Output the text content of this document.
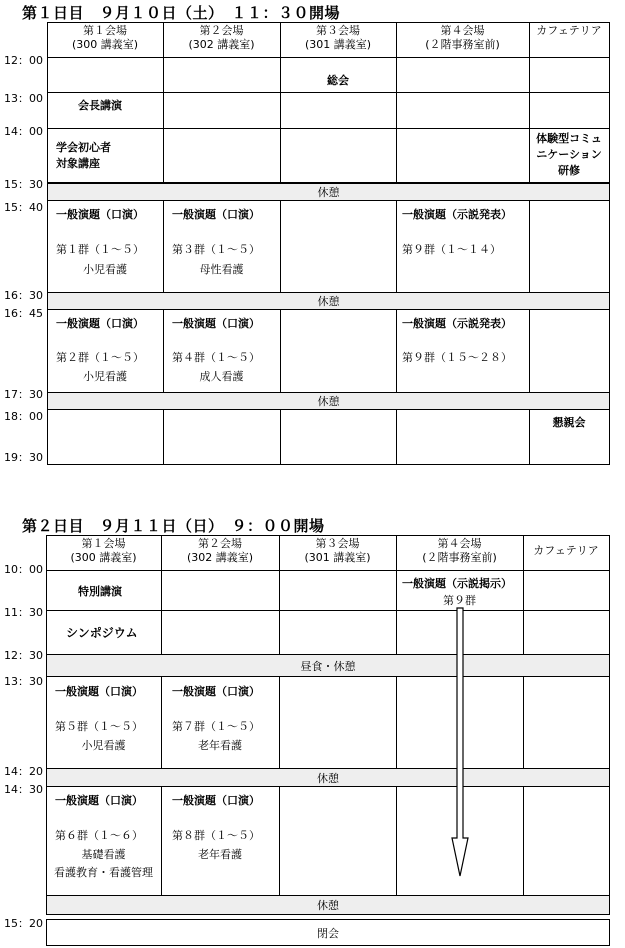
第１日目　９月１０日（土）　１１：３０開場
第１会場
(300 講義室)
第２会場
(302 講義室)
第３会場
(301 講義室)
第４会場
(２階事務室前)
カフェテリア
総会
会長講演
学会初心者
対象講座
体験型コミュ
ニケーション
研修
休憩
一般演題（口演）
第１群（１～５）
小児看護
一般演題（口演）
第３群（１～５）
母性看護
一般演題（示説発表）
第９群（１～１４）
休憩
一般演題（口演）
第２群（１～５）
小児看護
一般演題（口演）
第４群（１～５）
成人看護
一般演題（示説発表）
第９群（１５～２８）
休憩
懇親会
12：00
13：00
14：00
15：30
15：40
16：30
16：45
17：30
18：00
19：30
第２日目　９月１１日（日）　９：００開場
第１会場
(300 講義室)
第２会場
(302 講義室)
第３会場
(301 講義室)
第４会場
(２階事務室前)
カフェテリア
特別講演
一般演題（示説掲示）
第９群
シンポジウム
昼食・休憩
一般演題（口演）
第５群（１～５）
小児看護
一般演題（口演）
第７群（１～５）
老年看護
休憩
一般演題（口演）
第６群（１～６）
基礎看護
看護教育・看護管理
一般演題（口演）
第８群（１～５）
老年看護
休憩
閉会
10：00
11：30
12：30
13：30
14：20
14：30
15：20
